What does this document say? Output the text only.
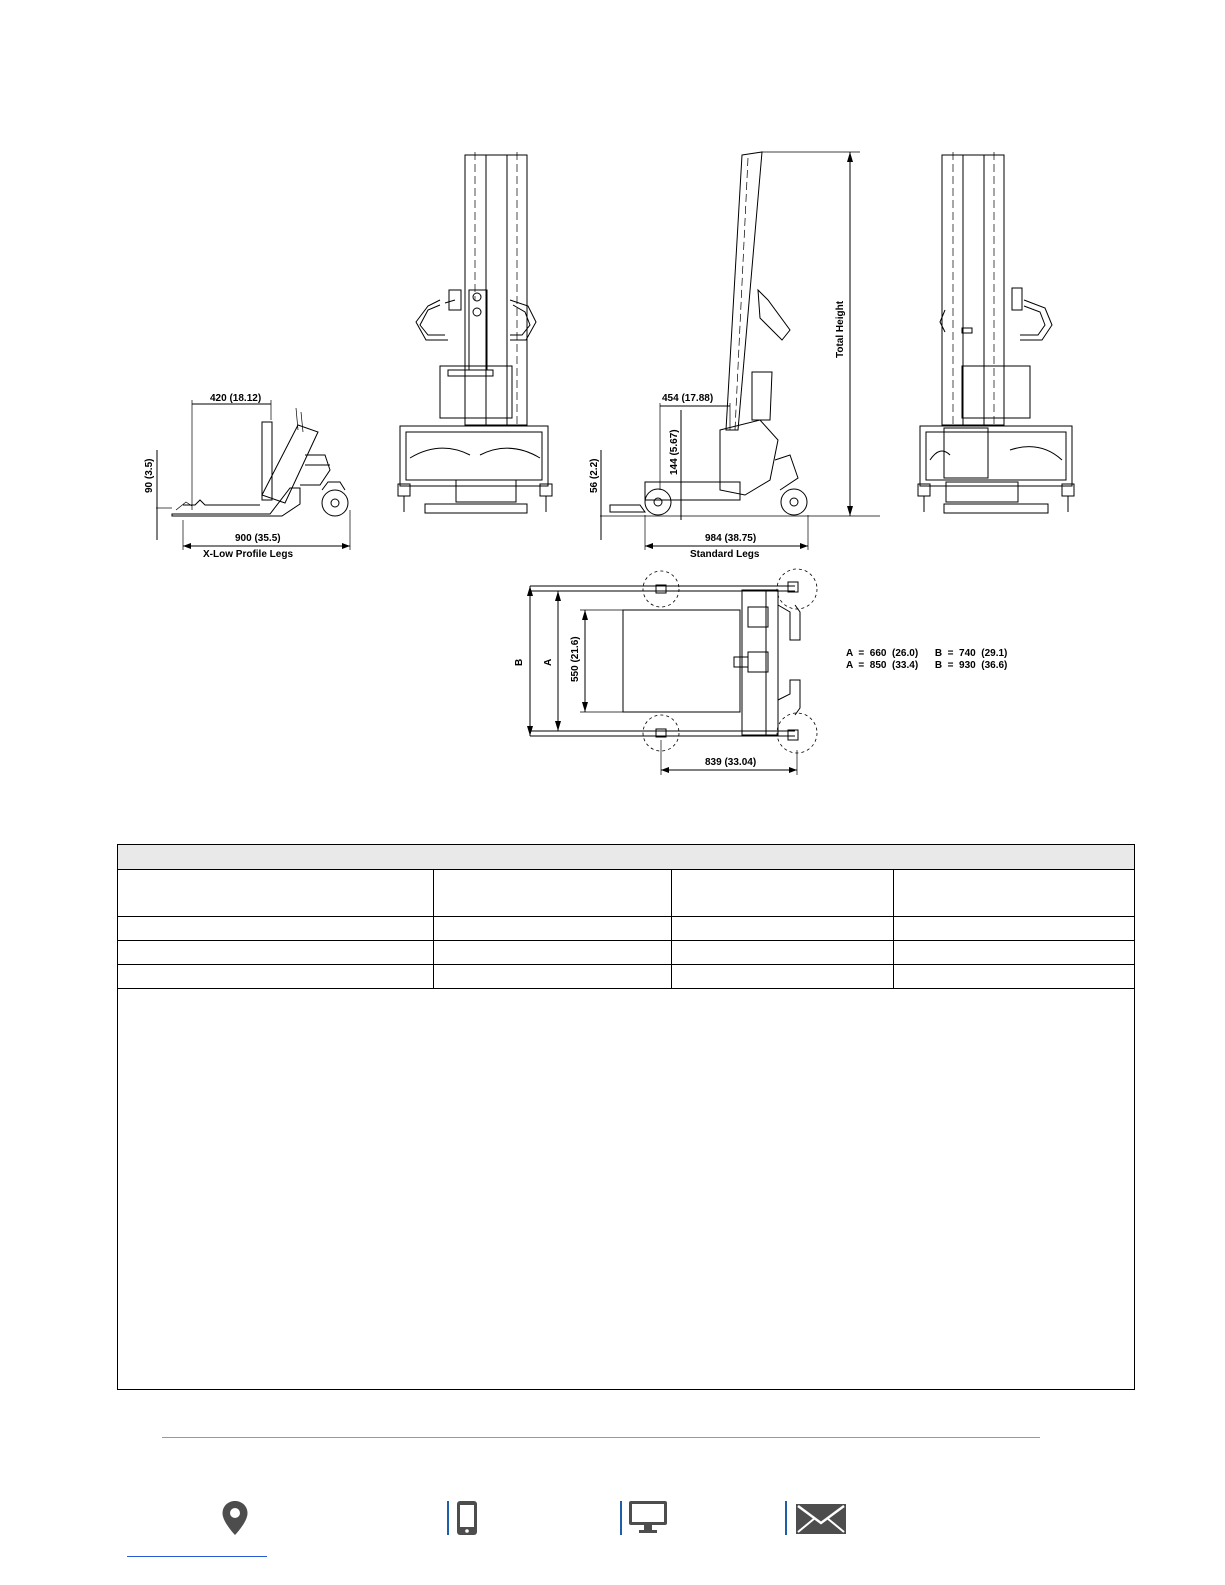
420 (18.12)
90 (3.5)
900 (35.5)
X-Low Profile Legs
Total Height
454 (17.88)
144 (5.67)
56 (2.2)
984 (38.75)
Standard Legs
B A 550 (21.6)
839 (33.04)
A  =  660  (26.0)      B  =  740  (29.1)
A  =  850  (33.4)      B  =  930  (36.6)
